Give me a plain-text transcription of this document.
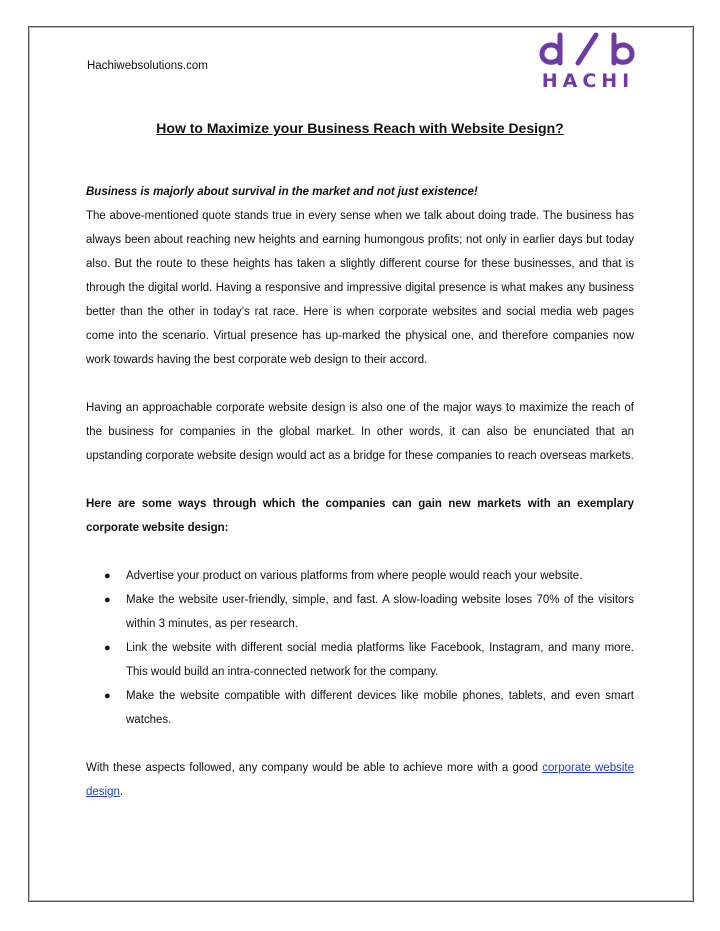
Hachiwebsolutions.com
HACHI
How to Maximize your Business Reach with Website Design?

Business is majorly about survival in the market and not just existence!

The above-mentioned quote stands true in every sense when we talk about doing trade. The business has always been about reaching new heights and earning humongous profits; not only in earlier days but today also. But the route to these heights has taken a slightly different course for these businesses, and that is through the digital world. Having a responsive and impressive digital presence is what makes any business better than the other in today’s rat race. Here is when corporate websites and social media web pages come into the scenario. Virtual presence has up-marked the physical one, and therefore companies now work towards having the best corporate web design to their accord.

Having an approachable corporate website design is also one of the major ways to maximize the reach of the business for companies in the global market. In other words, it can also be enunciated that an upstanding corporate website design would act as a bridge for these companies to reach overseas markets.

Here are some ways through which the companies can gain new markets with an exemplary corporate website design:

● Advertise your product on various platforms from where people would reach your website.
● Make the website user-friendly, simple, and fast. A slow-loading website loses 70% of the visitors within 3 minutes, as per research.
● Link the website with different social media platforms like Facebook, Instagram, and many more. This would build an intra-connected network for the company.
● Make the website compatible with different devices like mobile phones, tablets, and even smart watches.

With these aspects followed, any company would be able to achieve more with a good corporate website design.
